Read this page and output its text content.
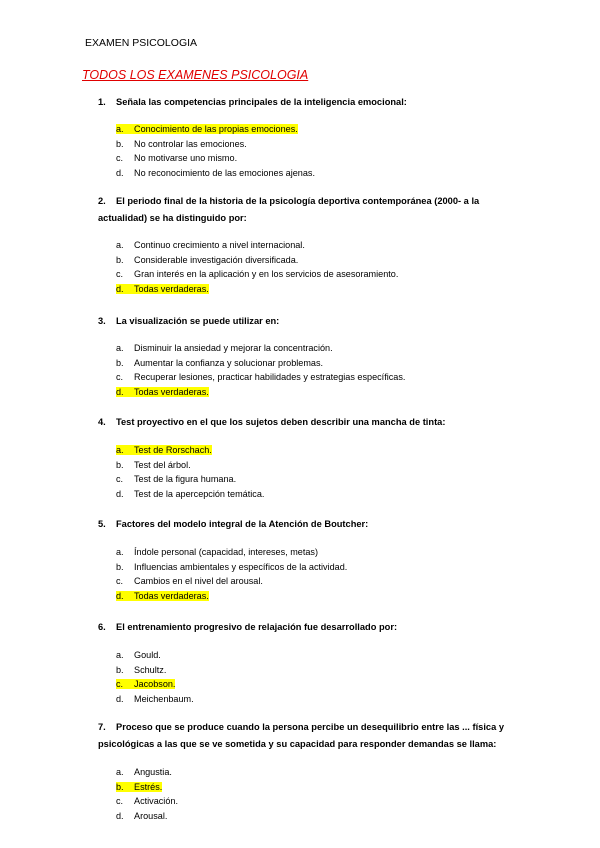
EXAMEN PSICOLOGIA
TODOS LOS EXAMENES PSICOLOGIA
1. Señala las competencias principales de la inteligencia emocional:
a. Conocimiento de las propias emociones.
b. No controlar las emociones.
c. No motivarse uno mismo.
d. No reconocimiento de las emociones ajenas.
2. El periodo final de la historia de la psicología deportiva contemporánea (2000- a la actualidad) se ha distinguido por:
a. Continuo crecimiento a nivel internacional.
b. Considerable investigación diversificada.
c. Gran interés en la aplicación y en los servicios de asesoramiento.
d. Todas verdaderas.
3. La visualización se puede utilizar en:
a. Disminuir la ansiedad y mejorar la concentración.
b. Aumentar la confianza y solucionar problemas.
c. Recuperar lesiones, practicar habilidades y estrategias específicas.
d. Todas verdaderas.
4. Test proyectivo en el que los sujetos deben describir una mancha de tinta:
a. Test de Rorschach.
b. Test del árbol.
c. Test de la figura humana.
d. Test de la apercepción temática.
5. Factores del modelo integral de la Atención de Boutcher:
a. Índole personal (capacidad, intereses, metas)
b. Influencias ambientales y específicos de la actividad.
c. Cambios en el nivel del arousal.
d. Todas verdaderas.
6. El entrenamiento progresivo de relajación fue desarrollado por:
a. Gould.
b. Schultz.
c. Jacobson.
d. Meichenbaum.
7. Proceso que se produce cuando la persona percibe un desequilibrio entre las ... física y psicológicas a las que se ve sometida y su capacidad para responder demandas se llama:
a. Angustia.
b. Estrés.
c. Activación.
d. Arousal.
